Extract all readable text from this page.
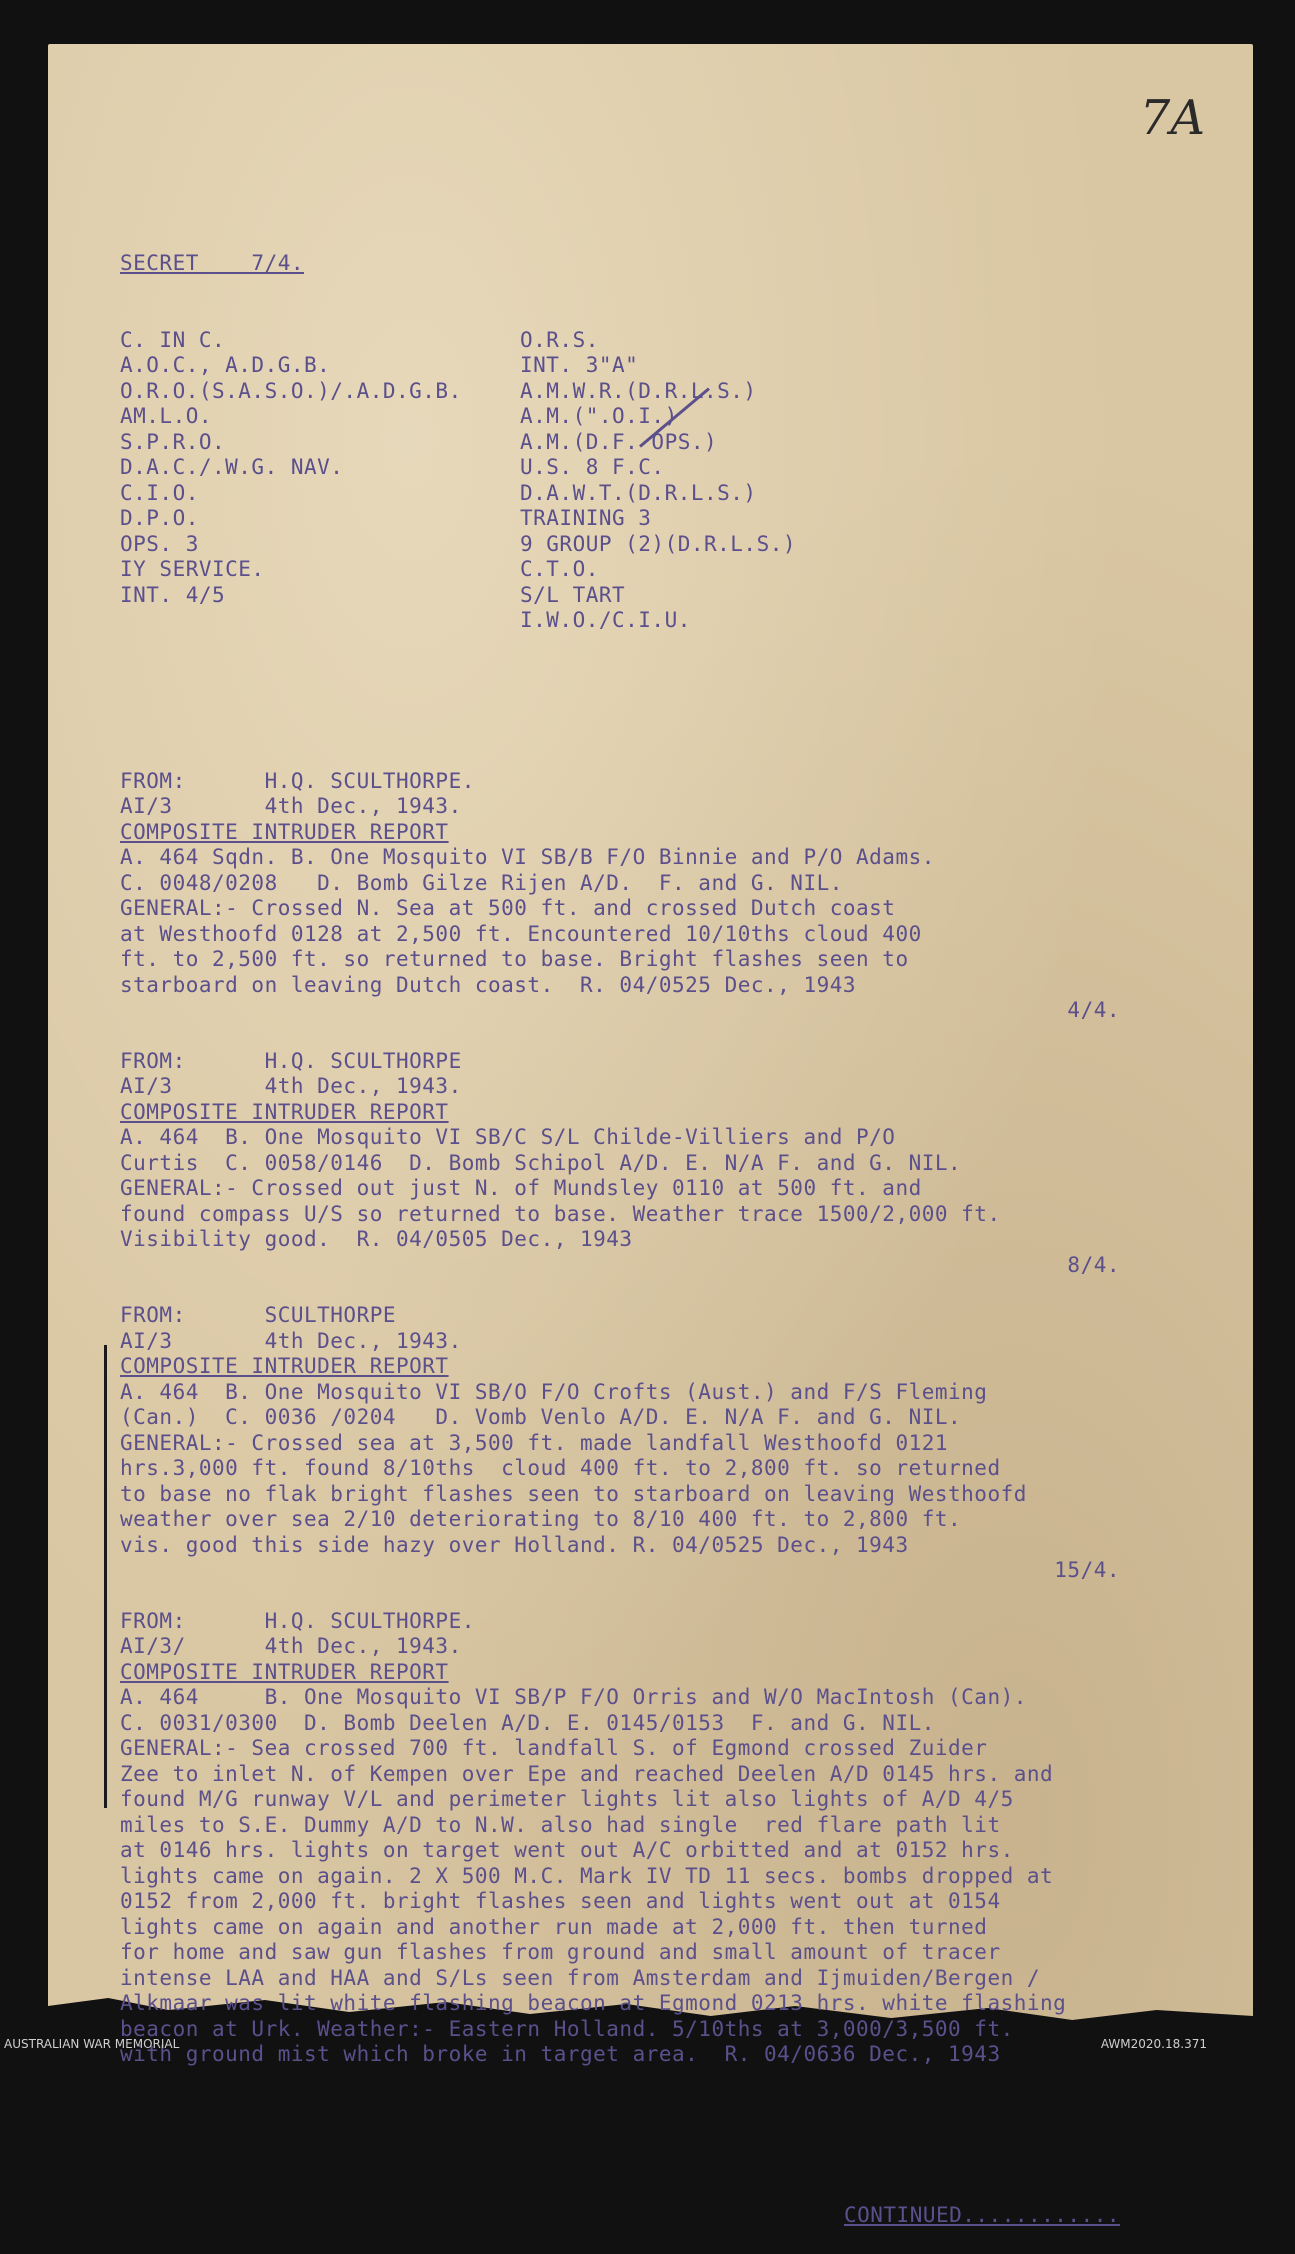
7A

SECRET    7/4.

C. IN C.	O.R.S.
A.O.C., A.D.G.B.	INT. 3"A"
O.R.O.(S.A.S.O.)/.A.D.G.B.	A.M.W.R.(D.R.L.S.)
AM.L.O.	A.M.(".O.I.)
S.P.R.O.	A.M.(D.F. OPS.)
D.A.C./.W.G. NAV.	U.S. 8 F.C.
C.I.O.	D.A.W.T.(D.R.L.S.)
D.P.O.	TRAINING 3
OPS. 3	9 GROUP (2)(D.R.L.S.)
IY SERVICE.	C.T.O.
INT. 4/5	S/L TART
I.W.O./C.I.U.

FROM:      H.Q. SCULTHORPE.
AI/3       4th Dec., 1943.
COMPOSITE INTRUDER REPORT
A. 464 Sqdn. B. One Mosquito VI SB/B F/O Binnie and P/O Adams.
C. 0048/0208   D. Bomb Gilze Rijen A/D.  F. and G. NIL.
GENERAL:- Crossed N. Sea at 500 ft. and crossed Dutch coast
at Westhoofd 0128 at 2,500 ft. Encountered 10/10ths cloud 400
ft. to 2,500 ft. so returned to base. Bright flashes seen to
starboard on leaving Dutch coast.  R. 04/0525 Dec., 1943
4/4.
FROM:      H.Q. SCULTHORPE
AI/3       4th Dec., 1943.
COMPOSITE INTRUDER REPORT
A. 464  B. One Mosquito VI SB/C S/L Childe-Villiers and P/O
Curtis  C. 0058/0146  D. Bomb Schipol A/D. E. N/A F. and G. NIL.
GENERAL:- Crossed out just N. of Mundsley 0110 at 500 ft. and
found compass U/S so returned to base. Weather trace 1500/2,000 ft.
Visibility good.  R. 04/0505 Dec., 1943
8/4.
FROM:      SCULTHORPE
AI/3       4th Dec., 1943.
COMPOSITE INTRUDER REPORT
A. 464  B. One Mosquito VI SB/O F/O Crofts (Aust.) and F/S Fleming
(Can.)  C. 0036 /0204   D. Vomb Venlo A/D. E. N/A F. and G. NIL.
GENERAL:- Crossed sea at 3,500 ft. made landfall Westhoofd 0121
hrs.3,000 ft. found 8/10ths  cloud 400 ft. to 2,800 ft. so returned
to base no flak bright flashes seen to starboard on leaving Westhoofd
weather over sea 2/10 deteriorating to 8/10 400 ft. to 2,800 ft.
vis. good this side hazy over Holland. R. 04/0525 Dec., 1943
15/4.
FROM:      H.Q. SCULTHORPE.
AI/3/      4th Dec., 1943.
COMPOSITE INTRUDER REPORT
A. 464     B. One Mosquito VI SB/P F/O Orris and W/O MacIntosh (Can).
C. 0031/0300  D. Bomb Deelen A/D. E. 0145/0153  F. and G. NIL.
GENERAL:- Sea crossed 700 ft. landfall S. of Egmond crossed Zuider
Zee to inlet N. of Kempen over Epe and reached Deelen A/D 0145 hrs. and
found M/G runway V/L and perimeter lights lit also lights of A/D 4/5
miles to S.E. Dummy A/D to N.W. also had single  red flare path lit
at 0146 hrs. lights on target went out A/C orbitted and at 0152 hrs.
lights came on again. 2 X 500 M.C. Mark IV TD 11 secs. bombs dropped at
0152 from 2,000 ft. bright flashes seen and lights went out at 0154
lights came on again and another run made at 2,000 ft. then turned
for home and saw gun flashes from ground and small amount of tracer
intense LAA and HAA and S/Ls seen from Amsterdam and Ijmuiden/Bergen /
Alkmaar was lit white flashing beacon at Egmond 0213 hrs. white flashing
beacon at Urk. Weather:- Eastern Holland. 5/10ths at 3,000/3,500 ft.
with ground mist which broke in target area.  R. 04/0636 Dec., 1943

CONTINUED............

AUSTRALIAN WAR MEMORIAL	AWM2020.18.371
